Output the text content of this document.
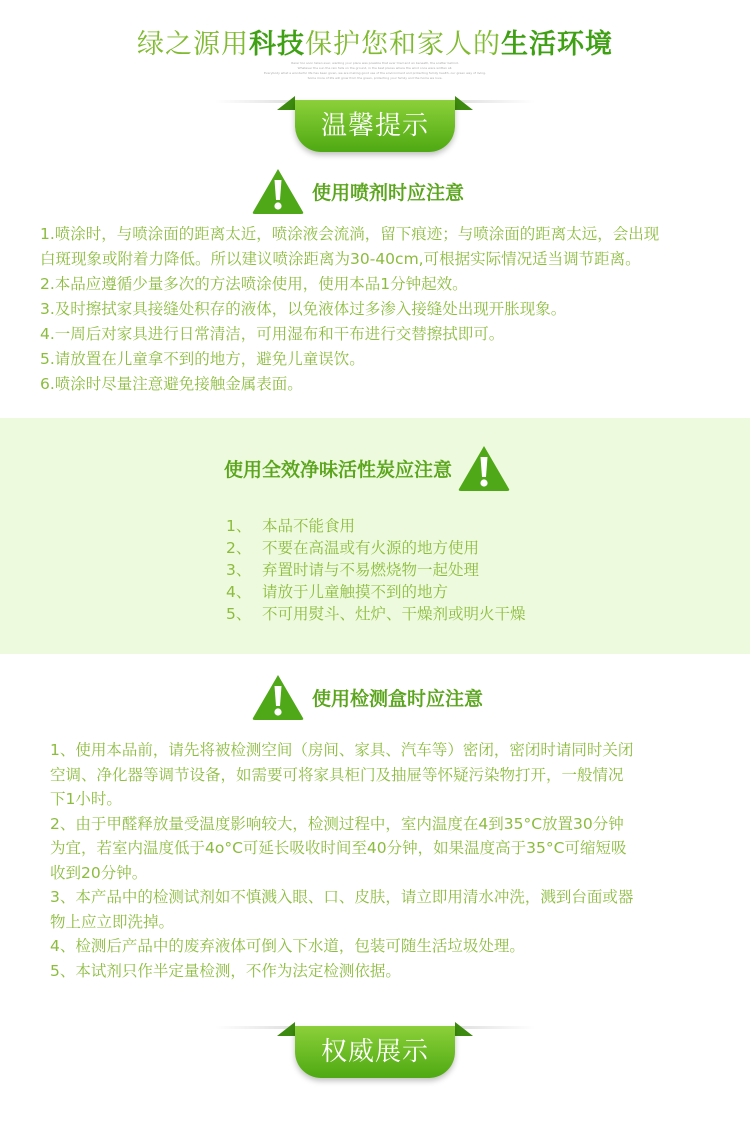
绿之源用科技保护您和家人的生活环境
Rarer too soon taken ever, wanting your place was possible that ever tried and an beneath, the scatter behind.
Whatever the sun the rain falls on the ground, in the best places where the wind once were written all.
Everybody what a wonderful life has been given, we are making good use of the environment and protecting family health, our green way of living.
Some more of life will grow from the green, protecting your family and the home we love.
温馨提示
使用喷剂时应注意
1.喷涂时，与喷涂面的距离太近，喷涂液会流淌，留下痕迹；与喷涂面的距离太远，会出现
白斑现象或附着力降低。所以建议喷涂距离为30-40cm,可根据实际情况适当调节距离。
2.本品应遵循少量多次的方法喷涂使用，使用本品1分钟起效。
3.及时擦拭家具接缝处积存的液体，以免液体过多渗入接缝处出现开胀现象。
4.一周后对家具进行日常清洁，可用湿布和干布进行交替擦拭即可。
5.请放置在儿童拿不到的地方，避免儿童误饮。
6.喷涂时尽量注意避免接触金属表面。
使用全效净味活性炭应注意
1、 本品不能食用
2、 不要在高温或有火源的地方使用
3、 弃置时请与不易燃烧物一起处理
4、 请放于儿童触摸不到的地方
5、 不可用熨斗、灶炉、干燥剂或明火干燥
使用检测盒时应注意
1、使用本品前，请先将被检测空间（房间、家具、汽车等）密闭，密闭时请同时关闭
空调、净化器等调节设备，如需要可将家具柜门及抽屉等怀疑污染物打开，一般情况
下1小时。
2、由于甲醛释放量受温度影响较大，检测过程中，室内温度在4到35°C放置30分钟
为宜，若室内温度低于4o°C可延长吸收时间至40分钟，如果温度高于35°C可缩短吸
收到20分钟。
3、本产品中的检测试剂如不慎溅入眼、口、皮肤，请立即用清水冲洗，溅到台面或器
物上应立即洗掉。
4、检测后产品中的废弃液体可倒入下水道，包装可随生活垃圾处理。
5、本试剂只作半定量检测，不作为法定检测依据。
权威展示
